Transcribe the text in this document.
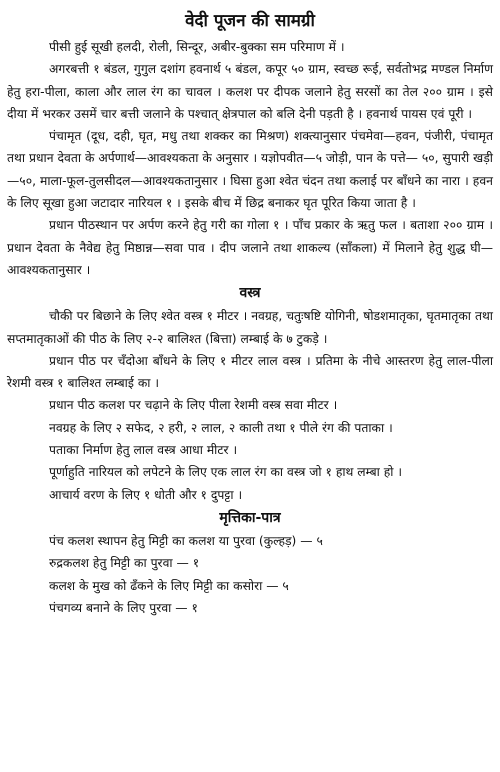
वेदी पूजन की सामग्री

पीसी हुई सूखी हलदी, रोली, सिन्दूर, अबीर-बुक्का सम परिमाण में ।

अगरबत्ती १ बंडल, गुगुल दशांग हवनार्थ ५ बंडल, कपूर ५० ग्राम, स्वच्छ रूई, सर्वतोभद्र मण्डल निर्माण हेतु हरा-पीला, काला और लाल रंग का चावल । कलश पर दीपक जलाने हेतु सरसों का तेल २०० ग्राम । इसे दीया में भरकर उसमें चार बत्ती जलाने के पश्चात् क्षेत्रपाल को बलि देनी पड़ती है । हवनार्थ पायस एवं पूरी ।

पंचामृत (दूध, दही, घृत, मधु तथा शक्कर का मिश्रण) शक्त्यानुसार पंचमेवा—हवन, पंजीरी, पंचामृत तथा प्रधान देवता के अर्पणार्थ—आवश्यकता के अनुसार । यज्ञोपवीत—५ जोड़ी, पान के पत्ते— ५०, सुपारी खड़ी—५०, माला-फूल-तुलसीदल—आवश्यकतानुसार । घिसा हुआ श्वेत चंदन तथा कलाई पर बाँधने का नारा । हवन के लिए सूखा हुआ जटादार नारियल १ । इसके बीच में छिद्र बनाकर घृत पूरित किया जाता है ।

प्रधान पीठस्थान पर अर्पण करने हेतु गरी का गोला १ । पाँच प्रकार के ऋतु फल । बताशा २०० ग्राम । प्रधान देवता के नैवेद्य हेतु मिष्ठान्न—सवा पाव । दीप जलाने तथा शाकल्य (साँकला) में मिलाने हेतु शुद्ध घी—आवश्यकतानुसार ।

वस्त्र

चौकी पर बिछाने के लिए श्वेत वस्त्र १ मीटर । नवग्रह, चतुःषष्टि योगिनी, षोडशमातृका, घृतमातृका तथा सप्तमातृकाओं की पीठ के लिए २-२ बालिश्त (बित्ता) लम्बाई के ७ टुकड़े ।

प्रधान पीठ पर चँदोआ बाँधने के लिए १ मीटर लाल वस्त्र । प्रतिमा के नीचे आस्तरण हेतु लाल-पीला रेशमी वस्त्र १ बालिश्त लम्बाई का ।

प्रधान पीठ कलश पर चढ़ाने के लिए पीला रेशमी वस्त्र सवा मीटर ।

नवग्रह के लिए २ सफेद, २ हरी, २ लाल, २ काली तथा १ पीले रंग की पताका ।

पताका निर्माण हेतु लाल वस्त्र आधा मीटर ।

पूर्णाहुति नारियल को लपेटने के लिए एक लाल रंग का वस्त्र जो १ हाथ लम्बा हो ।

आचार्य वरण के लिए १ धोती और १ दुपट्टा ।

मृत्तिका-पात्र

पंच कलश स्थापन हेतु मिट्टी का कलश या पुरवा (कुल्हड़) — ५

रुद्रकलश हेतु मिट्टी का पुरवा — १

कलश के मुख को ढँकने के लिए मिट्टी का कसोरा — ५

पंचगव्य बनाने के लिए पुरवा — १
